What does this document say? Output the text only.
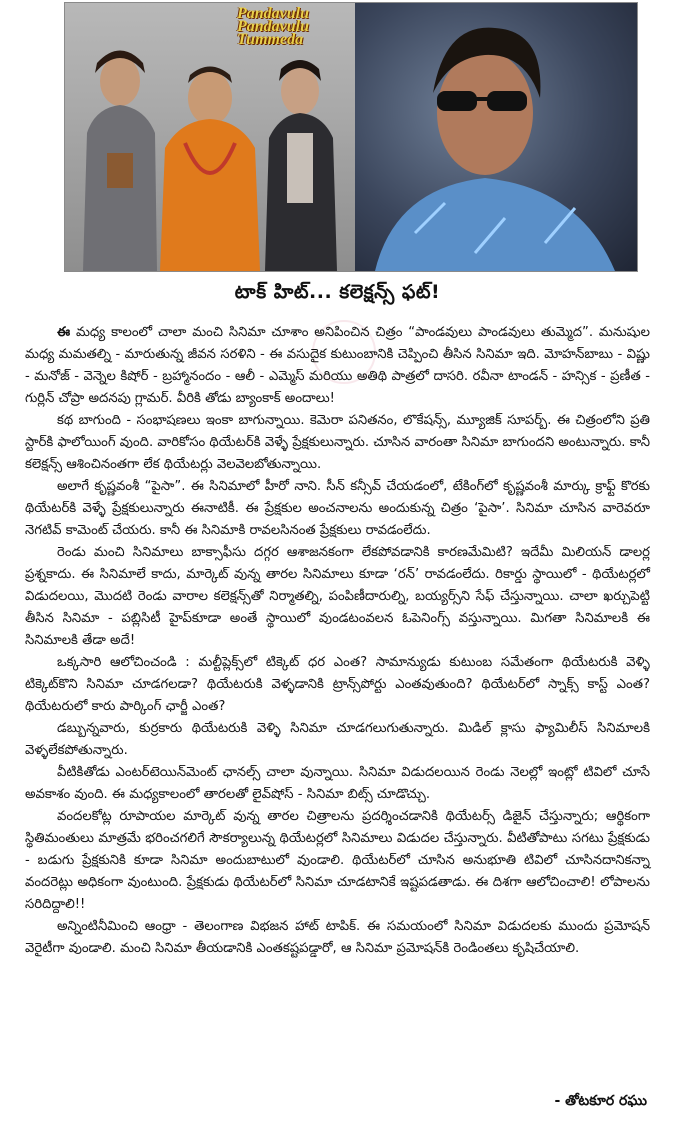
Pandavulu Pandavulu Tummeda
టాక్ హిట్... కలెక్షన్స్ ఫట్!

ఈ మధ్య కాలంలో చాలా మంచి సినిమా చూశాం అనిపించిన చిత్రం “పాండవులు పాండవులు తుమ్మెద”. మనుషుల మధ్య మమతల్ని - మారుతున్న జీవన సరళిని - ఈ వసుదైక కుటుంబానికి చెప్పించి తీసిన సినిమా ఇది. మోహన్‌బాబు - విష్ణు - మనోజ్ - వెన్నెల కిషోర్ - బ్రహ్మానందం - ఆలీ - ఎమ్మెస్ మరియు అతిథి పాత్రలో దాసరి. రవీనా టాండన్ - హన్సిక - ప్రణీత - గుర్లిన్ చోప్రా అదనపు గ్లామర్. వీరికి తోడు బ్యాంకాక్ అందాలు!

కథ బాగుంది - సంభాషణలు ఇంకా బాగున్నాయి. కెమెరా పనితనం, లొకేషన్స్, మ్యూజిక్ సూపర్బ్. ఈ చిత్రంలోని ప్రతి స్టార్‌కి ఫాలోయింగ్ వుంది. వారికోసం థియేటర్‌కి వెళ్ళే ప్రేక్షకులున్నారు. చూసిన వారంతా సినిమా బాగుందని అంటున్నారు. కానీ కలెక్షన్స్ ఆశించినంతగా లేక థియేటర్లు వెలవెలబోతున్నాయి.

అలాగే కృష్ణవంశీ “పైసా”. ఈ సినిమాలో హీరో నాని. సీన్ కన్సీవ్ చేయడంలో, టేకింగ్‌లో కృష్ణవంశీ మార్కు క్రాఫ్ట్ కొరకు థియేటర్‌కి వెళ్ళే ప్రేక్షకులున్నారు ఈనాటికీ. ఈ ప్రేక్షకుల అంచనాలను అందుకున్న చిత్రం ‘పైసా’. సినిమా చూసిన వారెవరూ నెగటివ్ కామెంట్ చేయరు. కానీ ఈ సినిమాకి రావలసినంత ప్రేక్షకులు రావడంలేదు.

రెండు మంచి సినిమాలు బాక్సాఫీసు దగ్గర ఆశాజనకంగా లేకపోవడానికి కారణమేమిటి? ఇదేమీ మిలియన్ డాలర్ల ప్రశ్నకాదు. ఈ సినిమాలే కాదు, మార్కెట్ వున్న తారల సినిమాలు కూడా ‘రన్’ రావడంలేదు. రికార్డు స్థాయిలో - థియేటర్లలో విడుదలయి, మొదటి రెండు వారాల కలెక్షన్స్‌తో నిర్మాతల్ని, పంపిణీదారుల్ని, బయ్యర్స్‌ని సేఫ్ చేస్తున్నాయి. చాలా ఖర్చుపెట్టి తీసిన సినిమా - పబ్లిసిటీ హైప్‌కూడా అంతే స్థాయిలో వుండటంవలన ఓపెనింగ్స్ వస్తున్నాయి. మిగతా సినిమాలకి ఈ సినిమాలకి తేడా అదే!

ఒక్కసారి ఆలోచించండి : మల్టీప్లెక్స్‌లో టిక్కెట్ ధర ఎంత? సామాన్యుడు కుటుంబ సమేతంగా థియేటరుకి వెళ్ళి టిక్కెట్‌కొని సినిమా చూడగలడా? థియేటరుకి వెళ్ళడానికి ట్రాన్స్‌పోర్టు ఎంతవుతుంది? థియేటర్‌లో స్నాక్స్ కాస్ట్ ఎంత? థియేటరులో కారు పార్కింగ్ ఛార్జీ ఎంత?

డబ్బున్నవారు, కుర్రకారు థియేటరుకి వెళ్ళి సినిమా చూడగలుగుతున్నారు. మిడిల్ క్లాసు ఫ్యామిలీస్ సినిమాలకి వెళ్ళలేకపోతున్నారు.

వీటికితోడు ఎంటర్‌టెయిన్‌మెంట్ ఛానల్స్ చాలా వున్నాయి. సినిమా విడుదలయిన రెండు నెలల్లో ఇంట్లో టివిలో చూసే అవకాశం వుంది. ఈ మధ్యకాలంలో తారలతో లైవ్‌షోస్ - సినిమా బిట్స్ చూడొచ్చు.

వందలకోట్ల రూపాయల మార్కెట్ వున్న తారల చిత్రాలను ప్రదర్శించడానికి థియేటర్స్ డిజైన్ చేస్తున్నారు; ఆర్థికంగా స్థితిమంతులు మాత్రమే భరించగలిగే సౌకర్యాలున్న థియేటర్లలో సినిమాలు విడుదల చేస్తున్నారు. వీటితోపాటు సగటు ప్రేక్షకుడు - బడుగు ప్రేక్షకునికి కూడా సినిమా అందుబాటులో వుండాలి. థియేటర్‌లో చూసిన అనుభూతి టివిలో చూసినదానికన్నా వందరెట్లు అధికంగా వుంటుంది. ప్రేక్షకుడు థియేటర్‌లో సినిమా చూడటానికే ఇష్టపడతాడు. ఈ దిశగా ఆలోచించాలి! లోపాలను సరిదిద్దాలి!!

అన్నింటినీమించి ఆంధ్రా - తెలంగాణ విభజన హాట్ టాపిక్. ఈ సమయంలో సినిమా విడుదలకు ముందు ప్రమోషన్ వెరైటీగా వుండాలి. మంచి సినిమా తీయడానికి ఎంతకష్టపడ్డారో, ఆ సినిమా ప్రమోషన్‌కి రెండింతలు కృషిచేయాలి.

- తోటకూర రఘు
